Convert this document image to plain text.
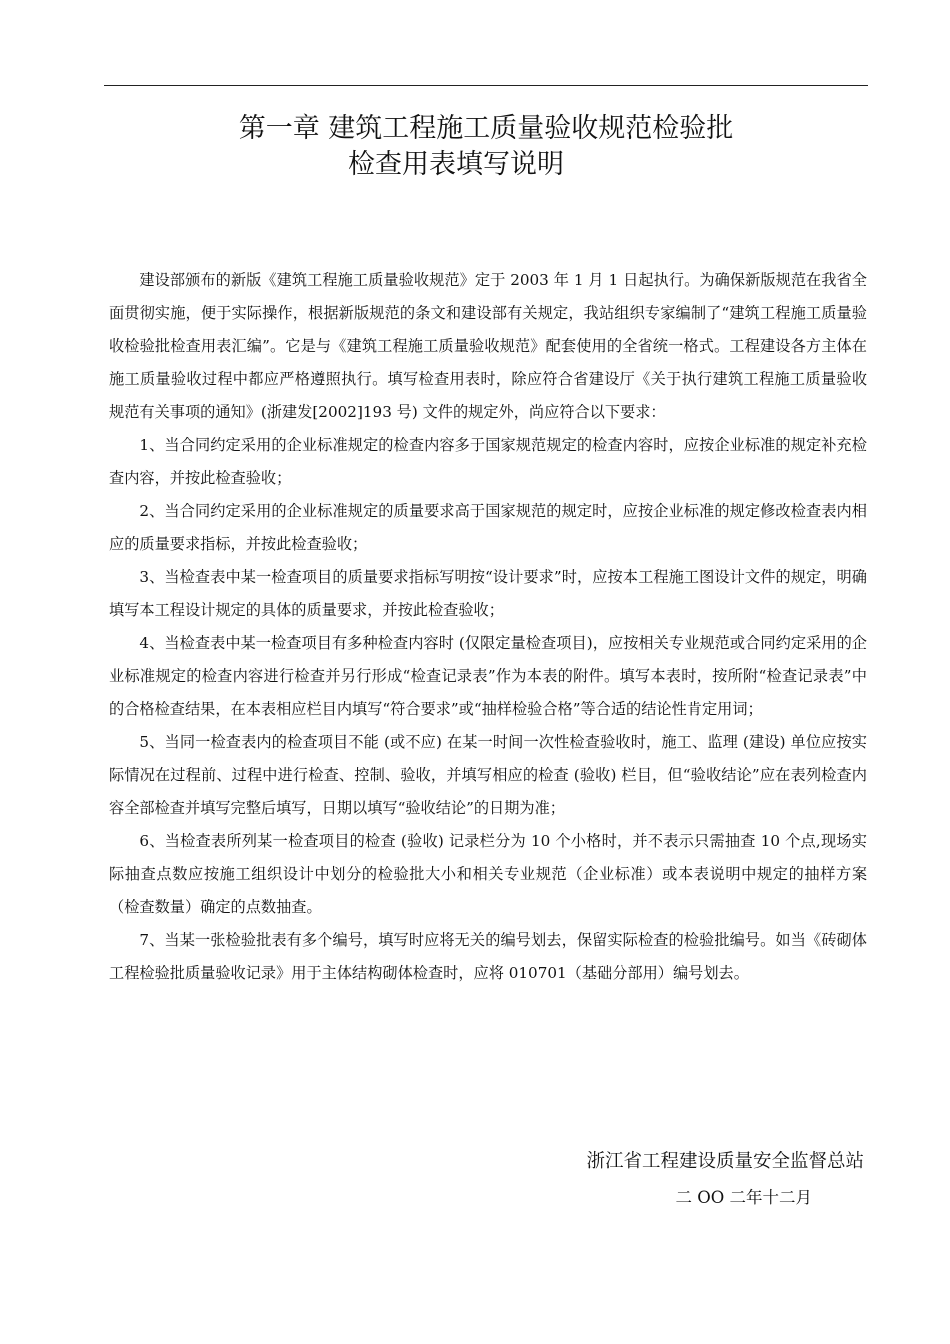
第一章 建筑工程施工质量验收规范检验批
检查用表填写说明

建设部颁布的新版《建筑工程施工质量验收规范》定于 2003 年 1 月 1 日起执行。为确保新版规范在我省全面贯彻实施，便于实际操作，根据新版规范的条文和建设部有关规定，我站组织专家编制了“建筑工程施工质量验收检验批检查用表汇编”。它是与《建筑工程施工质量验收规范》配套使用的全省统一格式。工程建设各方主体在施工质量验收过程中都应严格遵照执行。填写检查用表时，除应符合省建设厅《关于执行建筑工程施工质量验收规范有关事项的通知》(浙建发[2002]193 号) 文件的规定外，尚应符合以下要求：

1、当合同约定采用的企业标准规定的检查内容多于国家规范规定的检查内容时，应按企业标准的规定补充检查内容，并按此检查验收；

2、当合同约定采用的企业标准规定的质量要求高于国家规范的规定时，应按企业标准的规定修改检查表内相应的质量要求指标，并按此检查验收；

3、当检查表中某一检查项目的质量要求指标写明按“设计要求”时，应按本工程施工图设计文件的规定，明确填写本工程设计规定的具体的质量要求，并按此检查验收；

4、当检查表中某一检查项目有多种检查内容时 (仅限定量检查项目)，应按相关专业规范或合同约定采用的企业标准规定的检查内容进行检查并另行形成“检查记录表”作为本表的附件。填写本表时，按所附“检查记录表”中的合格检查结果，在本表相应栏目内填写“符合要求”或“抽样检验合格”等合适的结论性肯定用词；

5、当同一检查表内的检查项目不能 (或不应) 在某一时间一次性检查验收时，施工、监理 (建设) 单位应按实际情况在过程前、过程中进行检查、控制、验收，并填写相应的检查 (验收) 栏目，但“验收结论”应在表列检查内容全部检查并填写完整后填写，日期以填写“验收结论”的日期为准；

6、当检查表所列某一检查项目的检查 (验收) 记录栏分为 10 个小格时，并不表示只需抽查 10 个点,现场实际抽查点数应按施工组织设计中划分的检验批大小和相关专业规范（企业标准）或本表说明中规定的抽样方案（检查数量）确定的点数抽查。

7、当某一张检验批表有多个编号，填写时应将无关的编号划去，保留实际检查的检验批编号。如当《砖砌体工程检验批质量验收记录》用于主体结构砌体检查时，应将 010701（基础分部用）编号划去。

浙江省工程建设质量安全监督总站
二 OO 二年十二月
